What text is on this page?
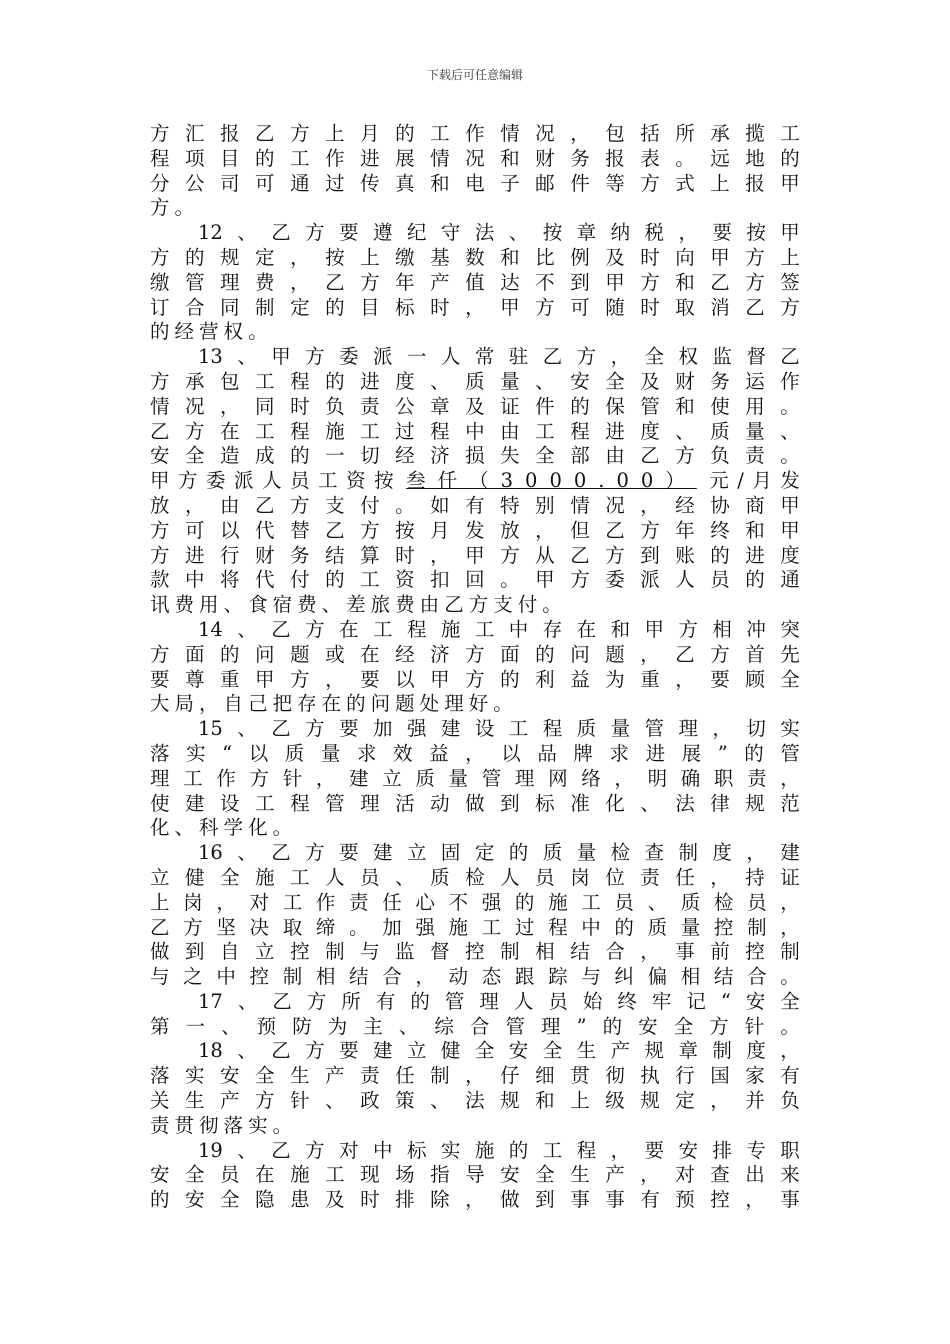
下载后可任意编辑
方 汇 报 乙 方 上 月 的 工 作 情 况 ， 包 括 所 承 揽 工
程 项 目 的 工 作 进 展 情 况 和 财 务 报 表 。 远 地 的
分 公 司 可 通 过 传 真 和 电 子 邮 件 等 方 式 上 报 甲
方 。
12 、 乙 方 要 遵 纪 守 法 、 按 章 纳 税 ， 要 按 甲
方 的 规 定 ， 按 上 缴 基 数 和 比 例 及 时 向 甲 方 上
缴 管 理 费 ， 乙 方 年 产 值 达 不 到 甲 方 和 乙 方 签
订 合 同 制 定 的 目 标 时 ， 甲 方 可 随 时 取 消 乙 方
的 经 营 权 。
13 、 甲 方 委 派 一 人 常 驻 乙 方 ， 全 权 监 督 乙
方 承 包 工 程 的 进 度 、 质 量 、 安 全 及 财 务 运 作
情 况 ， 同 时 负 责 公 章 及 证 件 的 保 管 和 使 用 。
乙 方 在 工 程 施 工 过 程 中 由 工 程 进 度 、 质 量 、
安 全 造 成 的 一 切 经 济 损 失 全 部 由 乙 方 负 责 。
甲 方 委 派 人 员 工 资 按 叁仟（3000.00） 元 / 月 发
放 ， 由 乙 方 支 付 。 如 有 特 别 情 况 ， 经 协 商 甲
方 可 以 代 替 乙 方 按 月 发 放 ， 但 乙 方 年 终 和 甲
方 进 行 财 务 结 算 时 ， 甲 方 从 乙 方 到 账 的 进 度
款 中 将 代 付 的 工 资 扣 回 。 甲 方 委 派 人 员 的 通
讯 费 用 、 食 宿 费 、 差 旅 费 由 乙 方 支 付 。
14 、 乙 方 在 工 程 施 工 中 存 在 和 甲 方 相 冲 突
方 面 的 问 题 或 在 经 济 方 面 的 问 题 ， 乙 方 首 先
要 尊 重 甲 方 ， 要 以 甲 方 的 利 益 为 重 ， 要 顾 全
大 局 ， 自 己 把 存 在 的 问 题 处 理 好 。
15 、 乙 方 要 加 强 建 设 工 程 质 量 管 理 ， 切 实
落 实 “ 以 质 量 求 效 益 ， 以 品 牌 求 进 展 ” 的 管
理 工 作 方 针 ， 建 立 质 量 管 理 网 络 ， 明 确 职 责 ，
使 建 设 工 程 管 理 活 动 做 到 标 准 化 、 法 律 规 范
化 、 科 学 化 。
16 、 乙 方 要 建 立 固 定 的 质 量 检 查 制 度 ， 建
立 健 全 施 工 人 员 、 质 检 人 员 岗 位 责 任 ， 持 证
上 岗 ， 对 工 作 责 任 心 不 强 的 施 工 员 、 质 检 员 ，
乙 方 坚 决 取 缔 。 加 强 施 工 过 程 中 的 质 量 控 制 ，
做 到 自 立 控 制 与 监 督 控 制 相 结 合 ， 事 前 控 制
与 之 中 控 制 相 结 合 ， 动 态 跟 踪 与 纠 偏 相 结 合 。
17 、 乙 方 所 有 的 管 理 人 员 始 终 牢 记 “ 安 全
第 一 、 预 防 为 主 、 综 合 管 理 ” 的 安 全 方 针 。
18 、 乙 方 要 建 立 健 全 安 全 生 产 规 章 制 度 ，
落 实 安 全 生 产 责 任 制 ， 仔 细 贯 彻 执 行 国 家 有
关 生 产 方 针 、 政 策 、 法 规 和 上 级 规 定 ， 并 负
责 贯 彻 落 实 。
19 、 乙 方 对 中 标 实 施 的 工 程 ， 要 安 排 专 职
安 全 员 在 施 工 现 场 指 导 安 全 生 产 ， 对 查 出 来
的 安 全 隐 患 及 时 排 除 ， 做 到 事 事 有 预 控 ， 事
